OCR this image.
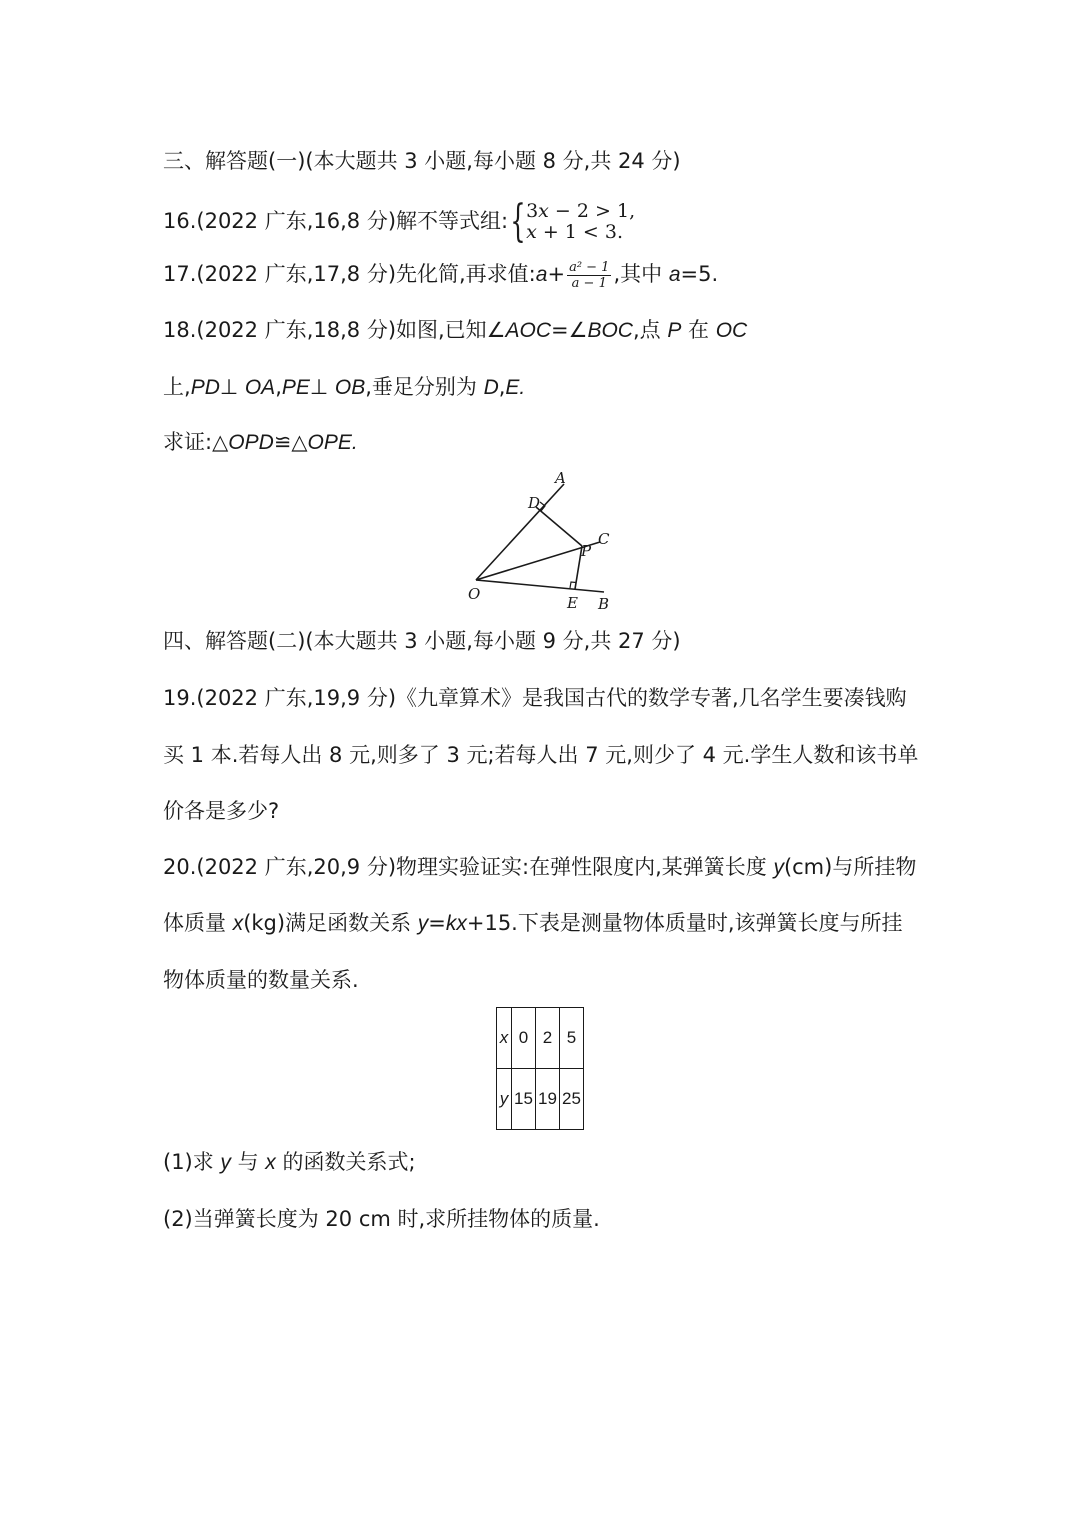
三、解答题(一)(本大题共 3 小题,每小题 8 分,共 24 分)
16.(2022 广东,16,8 分)解不等式组:{ 3𝑥 − 2 > 1,
𝑥 + 1 < 3.
17.(2022 广东,17,8 分)先化简,再求值:a+ $\frac{\text{a² − 1}}{a - 1}$ ,其中 a=5.
18.(2022 广东,18,8 分)如图,已知∠AOC=∠BOC,点 P 在 OC
上,PD⊥ OA,PE⊥ OB,垂足分别为 D,E.
求证:△OPD≌△OPE.
A
D
C
P
O	E B
四、解答题(二)(本大题共 3 小题,每小题 9 分,共 27 分)
19.(2022 广东,19,9 分)《九章算术》是我国古代的数学专著,几名学生要凑钱购
买 1 本.若每人出 8 元,则多了 3 元;若每人出 7 元,则少了 4 元.学生人数和该书单
价各是多少?
20.(2022 广东,20,9 分)物理实验证实:在弹性限度内,某弹簧长度 y(cm)与所挂物
体质量 x(kg)满足函数关系 y=kx+15.下表是测量物体质量时,该弹簧长度与所挂
物体质量的数量关系.
x	0	2	5
y	15	19	25
(1)求 y 与 x 的函数关系式;
(2)当弹簧长度为 20 cm 时,求所挂物体的质量.
